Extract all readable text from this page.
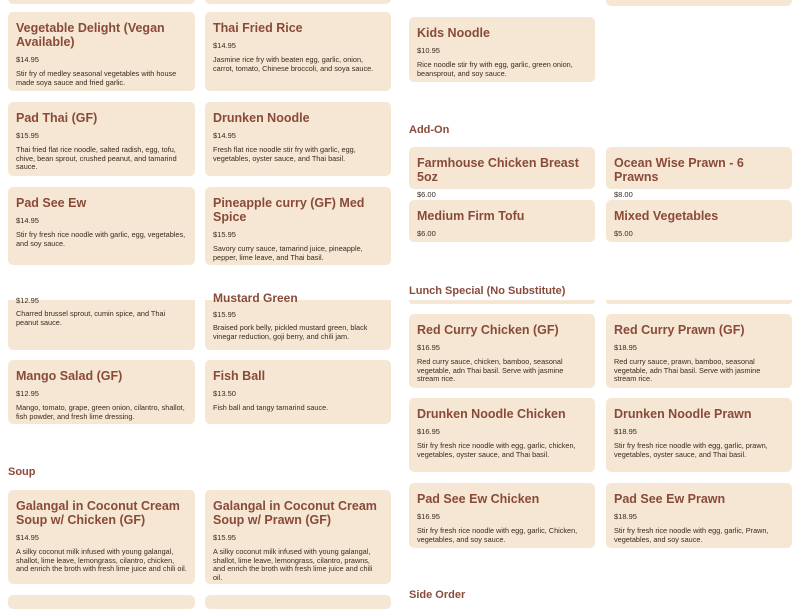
Vegetable Delight (Vegan Available)
$14.95
Stir fry of medley seasonal vegetables with house made soya sauce and fried garlic.
Thai Fried Rice
$14.95
Jasmine rice fry with beaten egg, garlic, onion, carrot, tomato, Chinese broccoli, and soya sauce.
Pad Thai (GF)
$15.95
Thai fried flat rice noodle, salted radish, egg, tofu, chive, bean sprout, crushed peanut, and tamarind sauce.
Drunken Noodle
$14.95
Fresh flat rice noodle stir fry with garlic, egg, vegetables, oyster sauce, and Thai basil.
Pad See Ew
$14.95
Stir fry fresh rice noodle with garlic, egg, vegetables, and soy sauce.
Pineapple curry (GF) Med Spice
$15.95
Savory curry sauce, tamarind juice, pineapple, pepper, lime leave, and Thai basil.
$12.95
Charred brussel sprout, cumin spice, and Thai peanut sauce.
Mustard Green
$15.95
Braised pork belly, pickled mustard green, black vinegar reduction, goji berry, and chili jam.
Mango Salad (GF)
$12.95
Mango, tomato, grape, green onion, cilantro, shallot, fish powder, and fresh lime dressing.
Fish Ball
$13.50
Fish ball and tangy tamarind sauce.
Soup
Galangal in Coconut Cream Soup w/ Chicken (GF)
$14.95
A silky coconut milk infused with young galangal, shallot, lime leave, lemongrass, cilantro, chicken, and enrich the broth with fresh lime juice and chili oil.
Galangal in Coconut Cream Soup w/ Prawn (GF)
$15.95
A silky coconut milk infused with young galangal, shallot, lime leave, lemongrass, cilantro, prawns, and enrich the broth with fresh lime juice and chili oil.
Kids Noodle
$10.95
Rice noodle stir fry with egg, garlic, green onion, beansprout, and soy sauce.
Add-On
Farmhouse Chicken Breast 5oz
$6.00
Ocean Wise Prawn - 6 Prawns
$8.00
Medium Firm Tofu
$6.00
Mixed Vegetables
$5.00
Lunch Special (No Substitute)
Red Curry Chicken (GF)
$16.95
Red curry sauce, chicken, bamboo, seasonal vegetable, adn Thai basil. Serve with jasmine stream rice.
Red Curry Prawn (GF)
$18.95
Red curry sauce, prawn, bamboo, seasonal vegetable, adn Thai basil. Serve with jasmine stream rice.
Drunken Noodle Chicken
$16.95
Stir fry fresh rice noodle with egg, garlic, chicken, vegetables, oyster sauce, and Thai basil.
Drunken Noodle Prawn
$18.95
Stir fry fresh rice noodle with egg, garlic, prawn, vegetables, oyster sauce, and Thai basil.
Pad See Ew Chicken
$16.95
Stir fry fresh rice noodle with egg, garlic, Chicken, vegetables, and soy sauce.
Pad See Ew Prawn
$18.95
Stir fry fresh rice noodle with egg, garlic, Prawn, vegetables, and soy sauce.
Side Order
